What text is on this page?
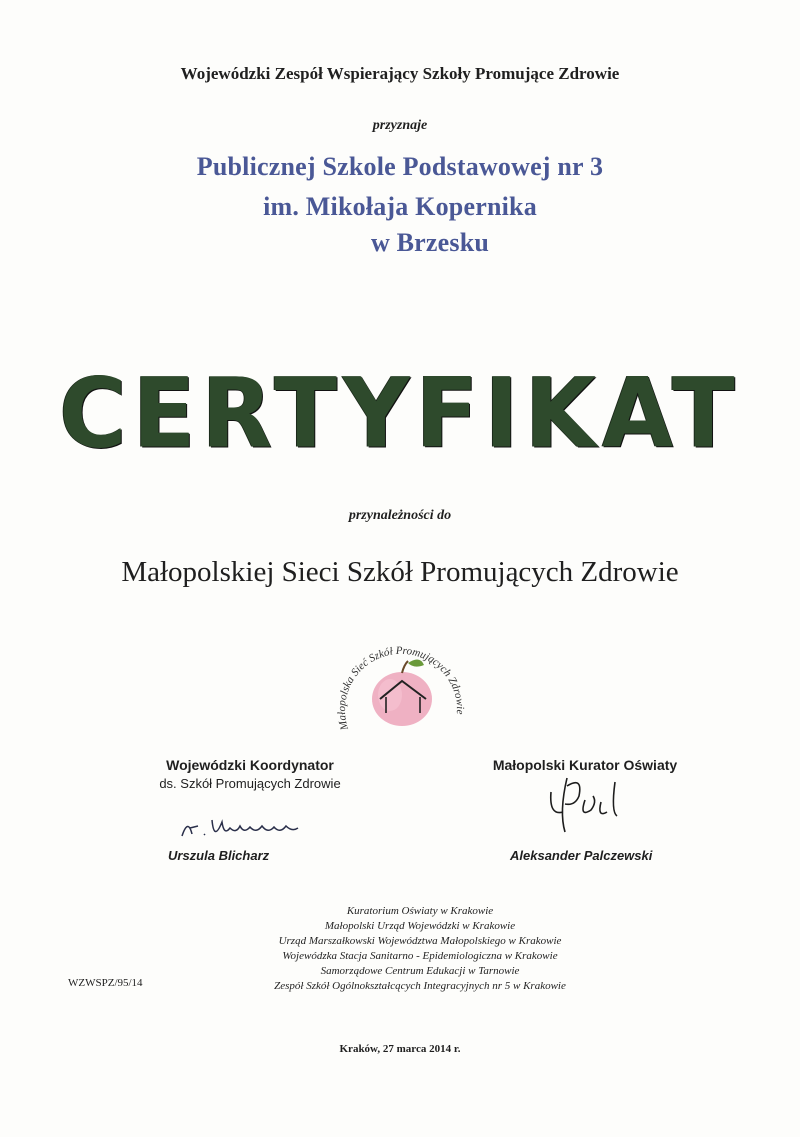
Wojewódzki Zespół Wspierający Szkoły Promujące Zdrowie
przyznaje
Publicznej Szkole Podstawowej nr 3
im. Mikołaja Kopernika
w Brzesku
CERTYFIKAT
przynależności do
Małopolskiej Sieci Szkół Promujących Zdrowie
Małopolska Sieć Szkół Promujących Zdrowie
Wojewódzki Koordynator
ds. Szkół Promujących Zdrowie
Urszula Blicharz
Małopolski Kurator Oświaty
Aleksander Palczewski
Kuratorium Oświaty w Krakowie
Małopolski Urząd Wojewódzki w Krakowie
Urząd Marszałkowski Województwa Małopolskiego w Krakowie
Wojewódzka Stacja Sanitarno - Epidemiologiczna w Krakowie
Samorządowe Centrum Edukacji w Tarnowie
Zespół Szkół Ogólnokształcących Integracyjnych nr 5 w Krakowie
WZWSPZ/95/14
Kraków, 27 marca 2014 r.
